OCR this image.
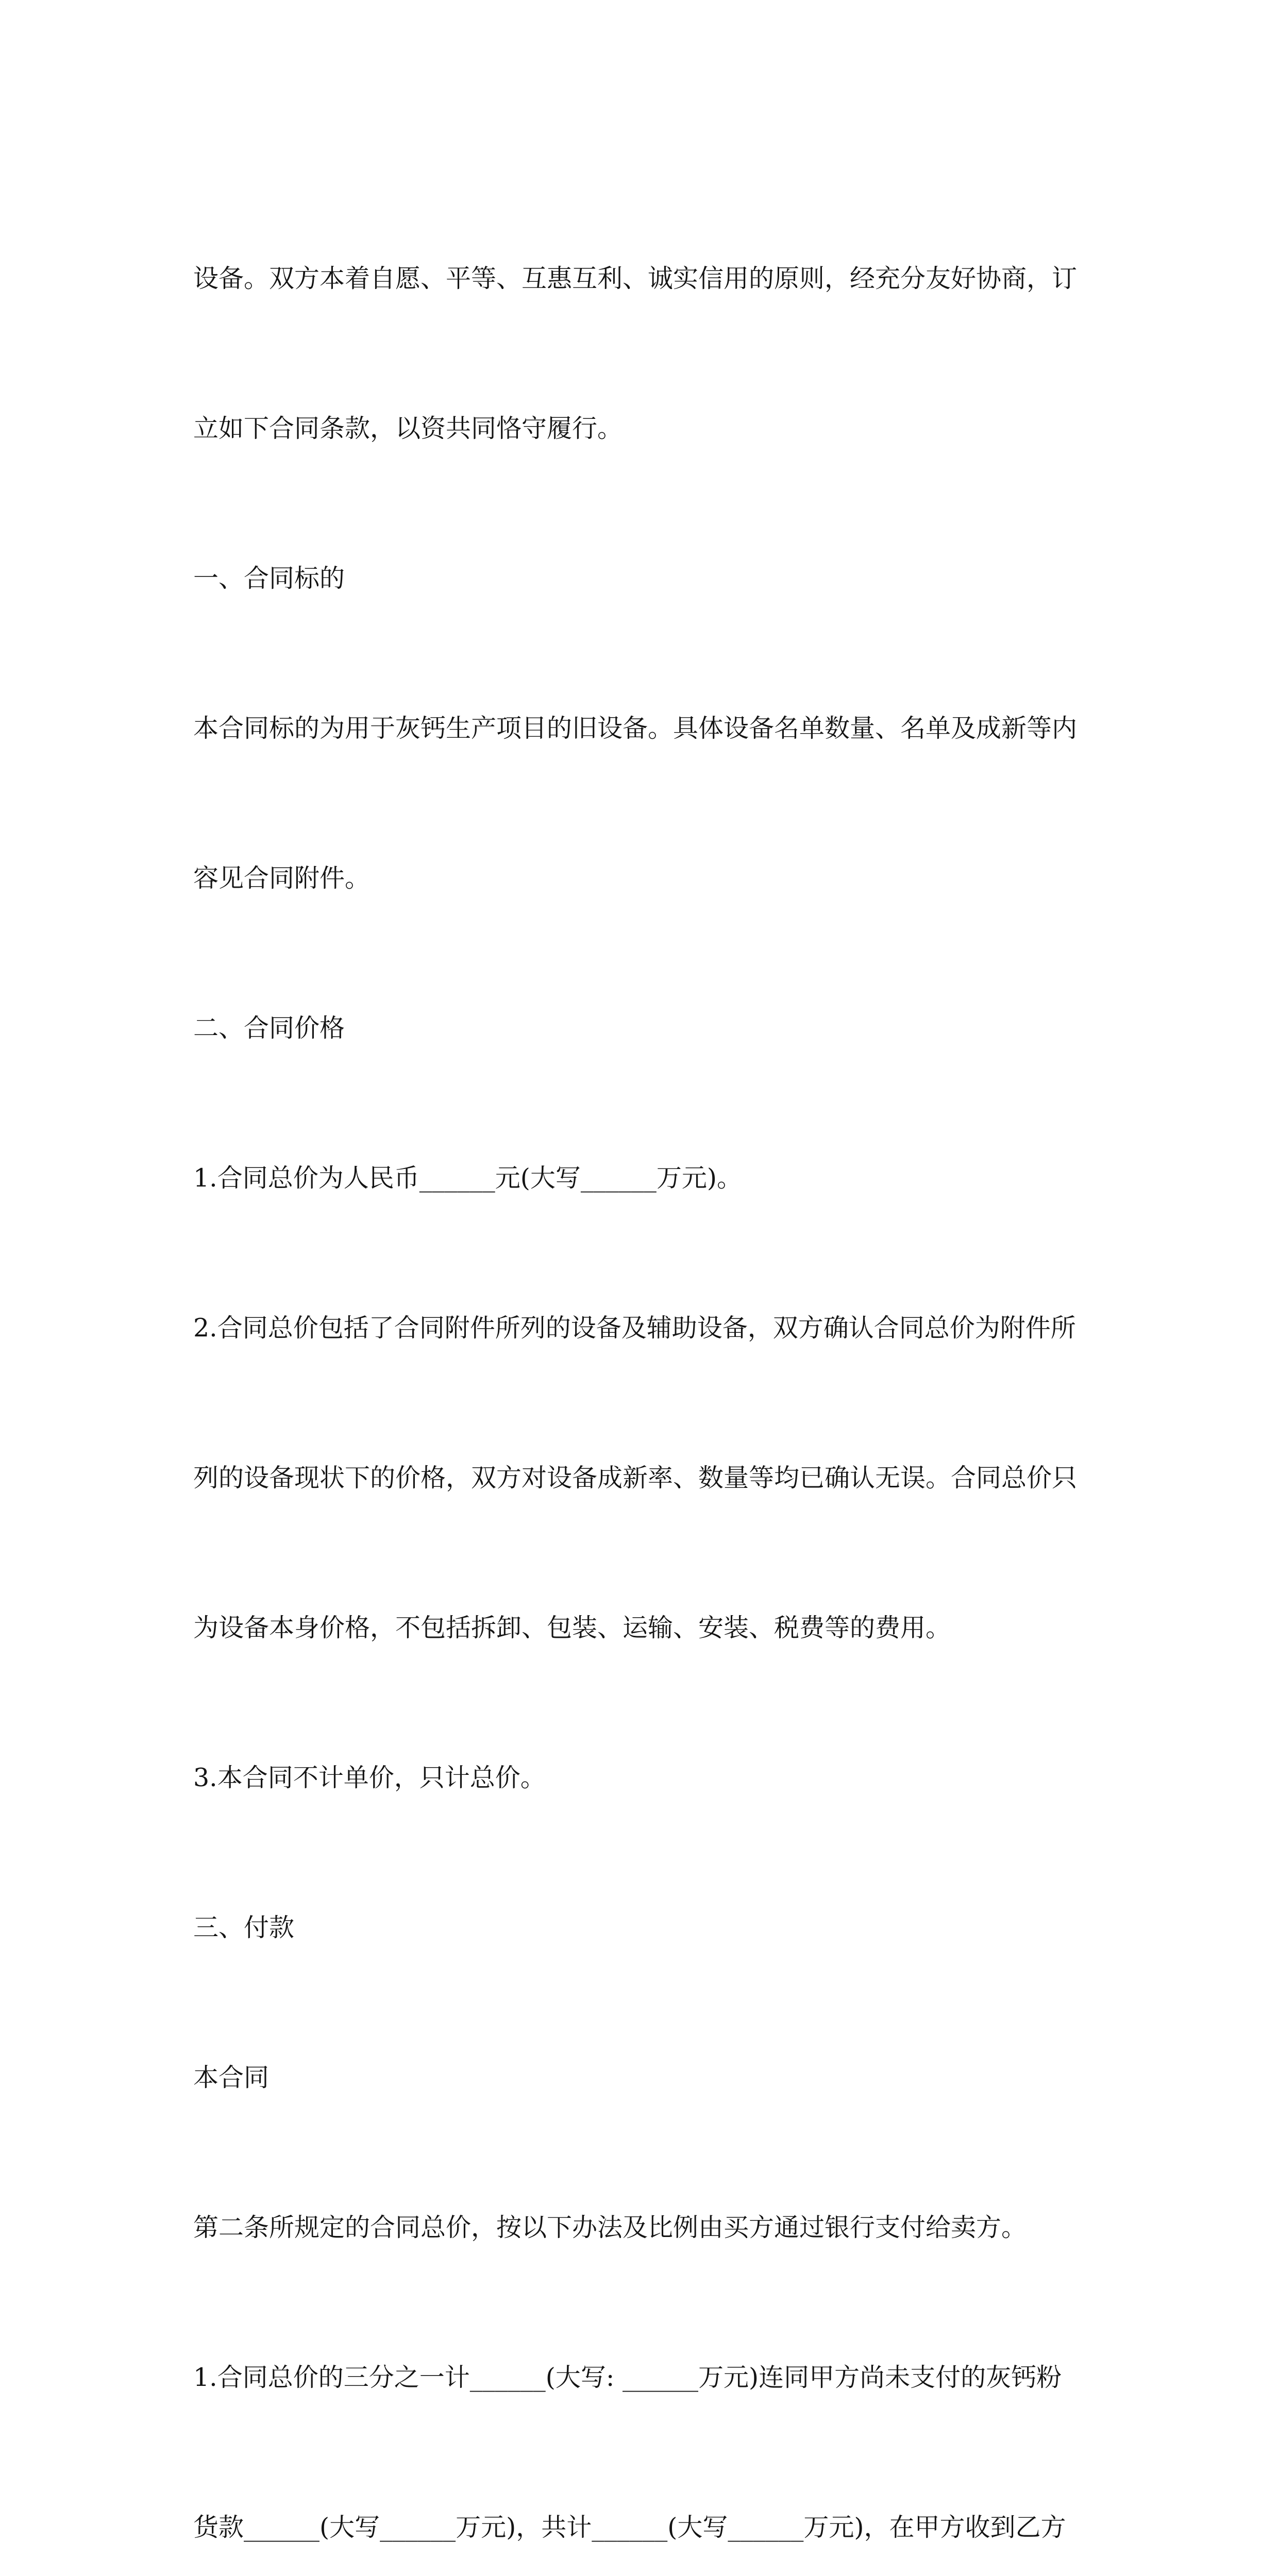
设备。双方本着自愿、平等、互惠互利、诚实信用的原则，经充分友好协商，订

立如下合同条款，以资共同恪守履行。

一、合同标的

本合同标的为用于灰钙生产项目的旧设备。具体设备名单数量、名单及成新等内

容见合同附件。

二、合同价格

1.合同总价为人民币______元(大写______万元)。

2.合同总价包括了合同附件所列的设备及辅助设备，双方确认合同总价为附件所

列的设备现状下的价格，双方对设备成新率、数量等均已确认无误。合同总价只

为设备本身价格，不包括拆卸、包装、运输、安装、税费等的费用。

3.本合同不计单价，只计总价。

三、付款

本合同

第二条所规定的合同总价，按以下办法及比例由买方通过银行支付给卖方。

1.合同总价的三分之一计______(大写: ______万元)连同甲方尚未支付的灰钙粉

货款______(大写______万元)，共计______(大写______万元)，在甲方收到乙方
